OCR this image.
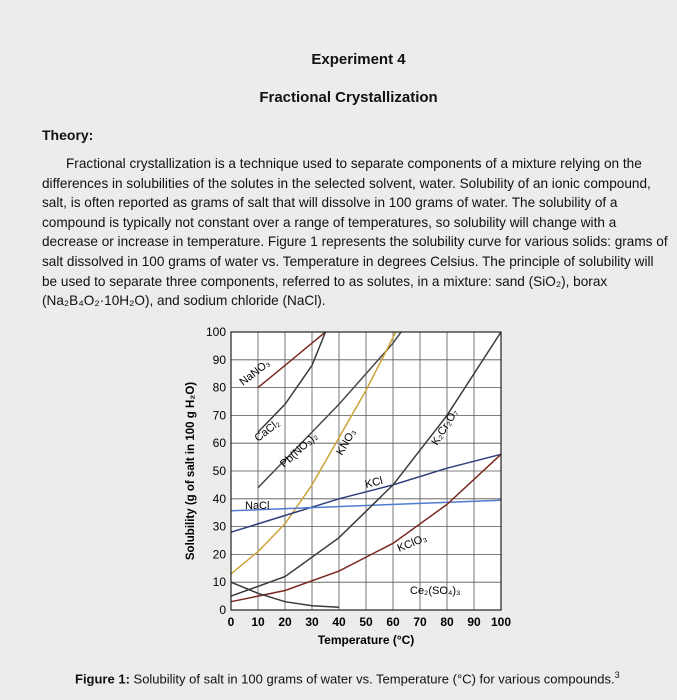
Experiment 4
Fractional Crystallization
Theory:
Fractional crystallization is a technique used to separate components of a mixture relying on the differences in solubilities of the solutes in the selected solvent, water. Solubility of an ionic compound, salt, is often reported as grams of salt that will dissolve in 100 grams of water. The solubility of a compound is typically not constant over a range of temperatures, so solubility will change with a decrease or increase in temperature. Figure 1 represents the solubility curve for various solids: grams of salt dissolved in 100 grams of water vs. Temperature in degrees Celsius. The principle of solubility will be used to separate three components, referred to as solutes, in a mixture: sand (SiO₂), borax (Na₂B₄O₂·10H₂O), and sodium chloride (NaCl).
0 10 20 30 40 50 60 70 80 90 100
0
10
20
30
40
50
60
70
80
90
100
Temperature (°C)
Solubility (g of salt in 100 g H₂O)
NaNO₃
CaCl₂
Pb(NO₃)₂ KNO₃
KCl
NaCl
K₂Cr₂O₇
KClO₃
Ce₂(SO₄)₃
Figure 1: Solubility of salt in 100 grams of water vs. Temperature (°C) for various compounds.$^3$
